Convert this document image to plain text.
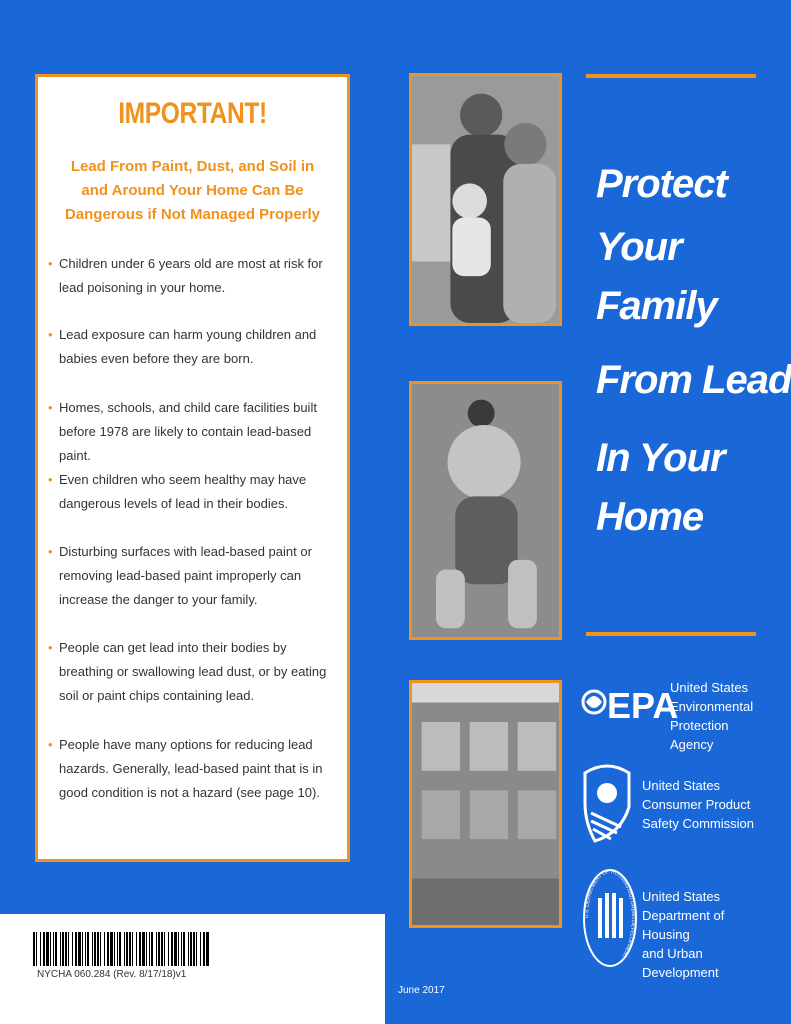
IMPORTANT!
Lead From Paint, Dust, and Soil in and Around Your Home Can Be Dangerous if Not Managed Properly
• Children under 6 years old are most at risk for lead poisoning in your home.
• Lead exposure can harm young children and babies even before they are born.
• Homes, schools, and child care facilities built before 1978 are likely to contain lead-based paint.
• Even children who seem healthy may have dangerous levels of lead in their bodies.
• Disturbing surfaces with lead-based paint or removing lead-based paint improperly can increase the danger to your family.
• People can get lead into their bodies by breathing or swallowing lead dust, or by eating soil or paint chips containing lead.
• People have many options for reducing lead hazards. Generally, lead-based paint that is in good condition is not a hazard (see page 10).
Protect
Your
Family
From Lead
In Your
Home
EPA
United States
Environmental
Protection Agency
United States
Consumer Product
Safety Commission
U.S. DEPARTMENT OF HOUSING AND URBAN DEVELOPMENT
United States
Department of Housing
and Urban Development
NYCHA 060.284 (Rev. 8/17/18)v1
June 2017
